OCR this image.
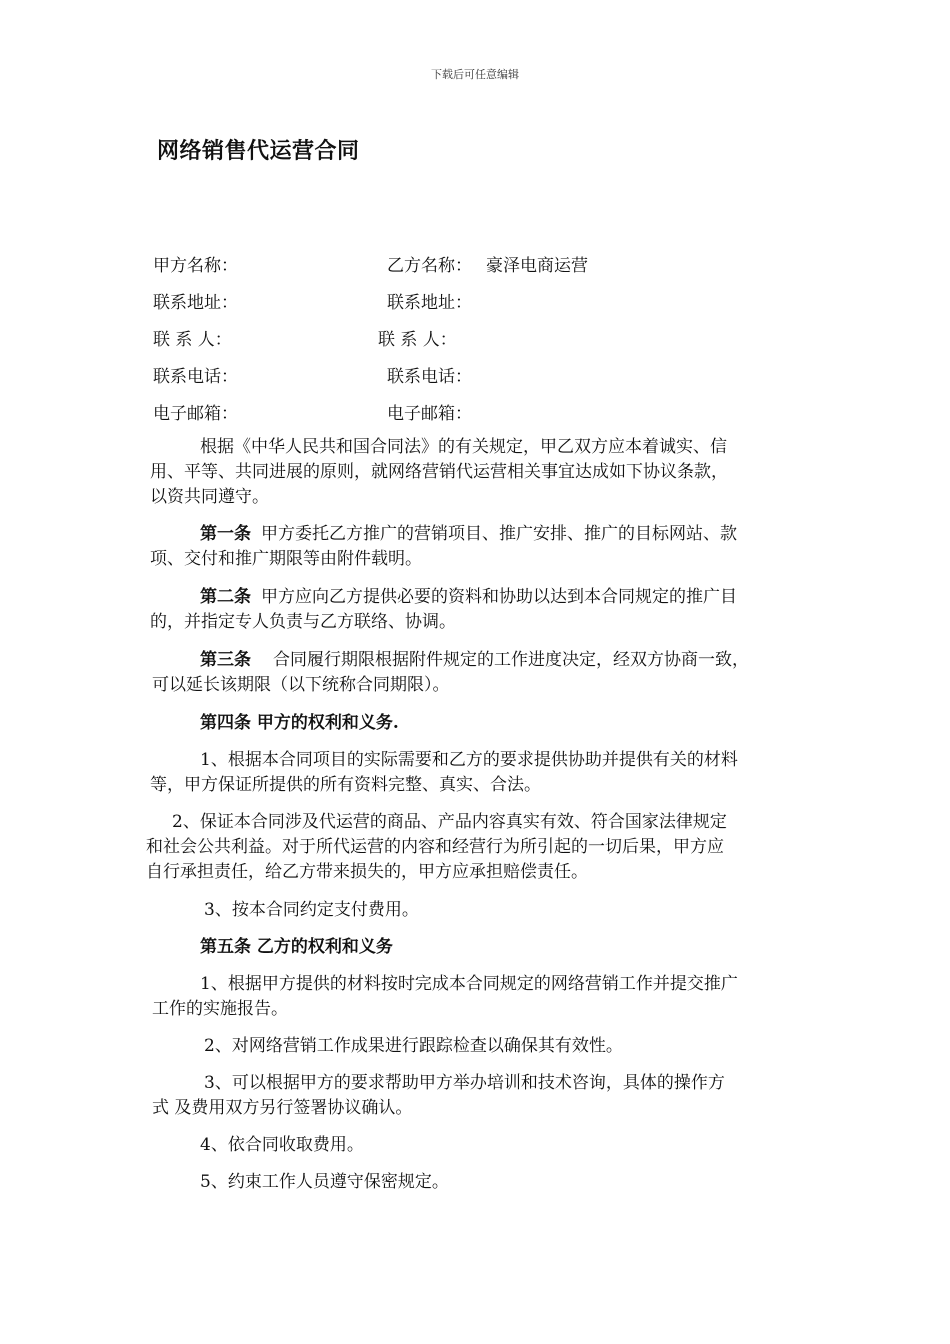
下载后可任意编辑
网络销售代运营合同
甲方名称：	乙方名称： 豪泽电商运营
联系地址：	联系地址：
联 系 人：	联 系 人：
联系电话：	联系电话：
电子邮箱：	电子邮箱：
根据《中华人民共和国合同法》的有关规定，甲乙双方应本着诚实、信
用、平等、共同进展的原则，就网络营销代运营相关事宜达成如下协议条款，
以资共同遵守。
第一条 甲方委托乙方推广的营销项目、推广安排、推广的目标网站、款
项、交付和推广期限等由附件载明。
第二条 甲方应向乙方提供必要的资料和协助以达到本合同规定的推广目
的，并指定专人负责与乙方联络、协调。
第三条 合同履行期限根据附件规定的工作进度决定，经双方协商一致，
可以延长该期限（以下统称合同期限）。
第四条 甲方的权利和义务.
1、根据本合同项目的实际需要和乙方的要求提供协助并提供有关的材料
等，甲方保证所提供的所有资料完整、真实、合法。
2、保证本合同涉及代运营的商品、产品内容真实有效、符合国家法律规定
和社会公共利益。对于所代运营的内容和经营行为所引起的一切后果，甲方应
自行承担责任，给乙方带来损失的，甲方应承担赔偿责任。
3、按本合同约定支付费用。
第五条 乙方的权利和义务
1、根据甲方提供的材料按时完成本合同规定的网络营销工作并提交推广
工作的实施报告。
2、对网络营销工作成果进行跟踪检查以确保其有效性。
3、可以根据甲方的要求帮助甲方举办培训和技术咨询，具体的操作方
式 及费用双方另行签署协议确认。
4、依合同收取费用。
5、约束工作人员遵守保密规定。
